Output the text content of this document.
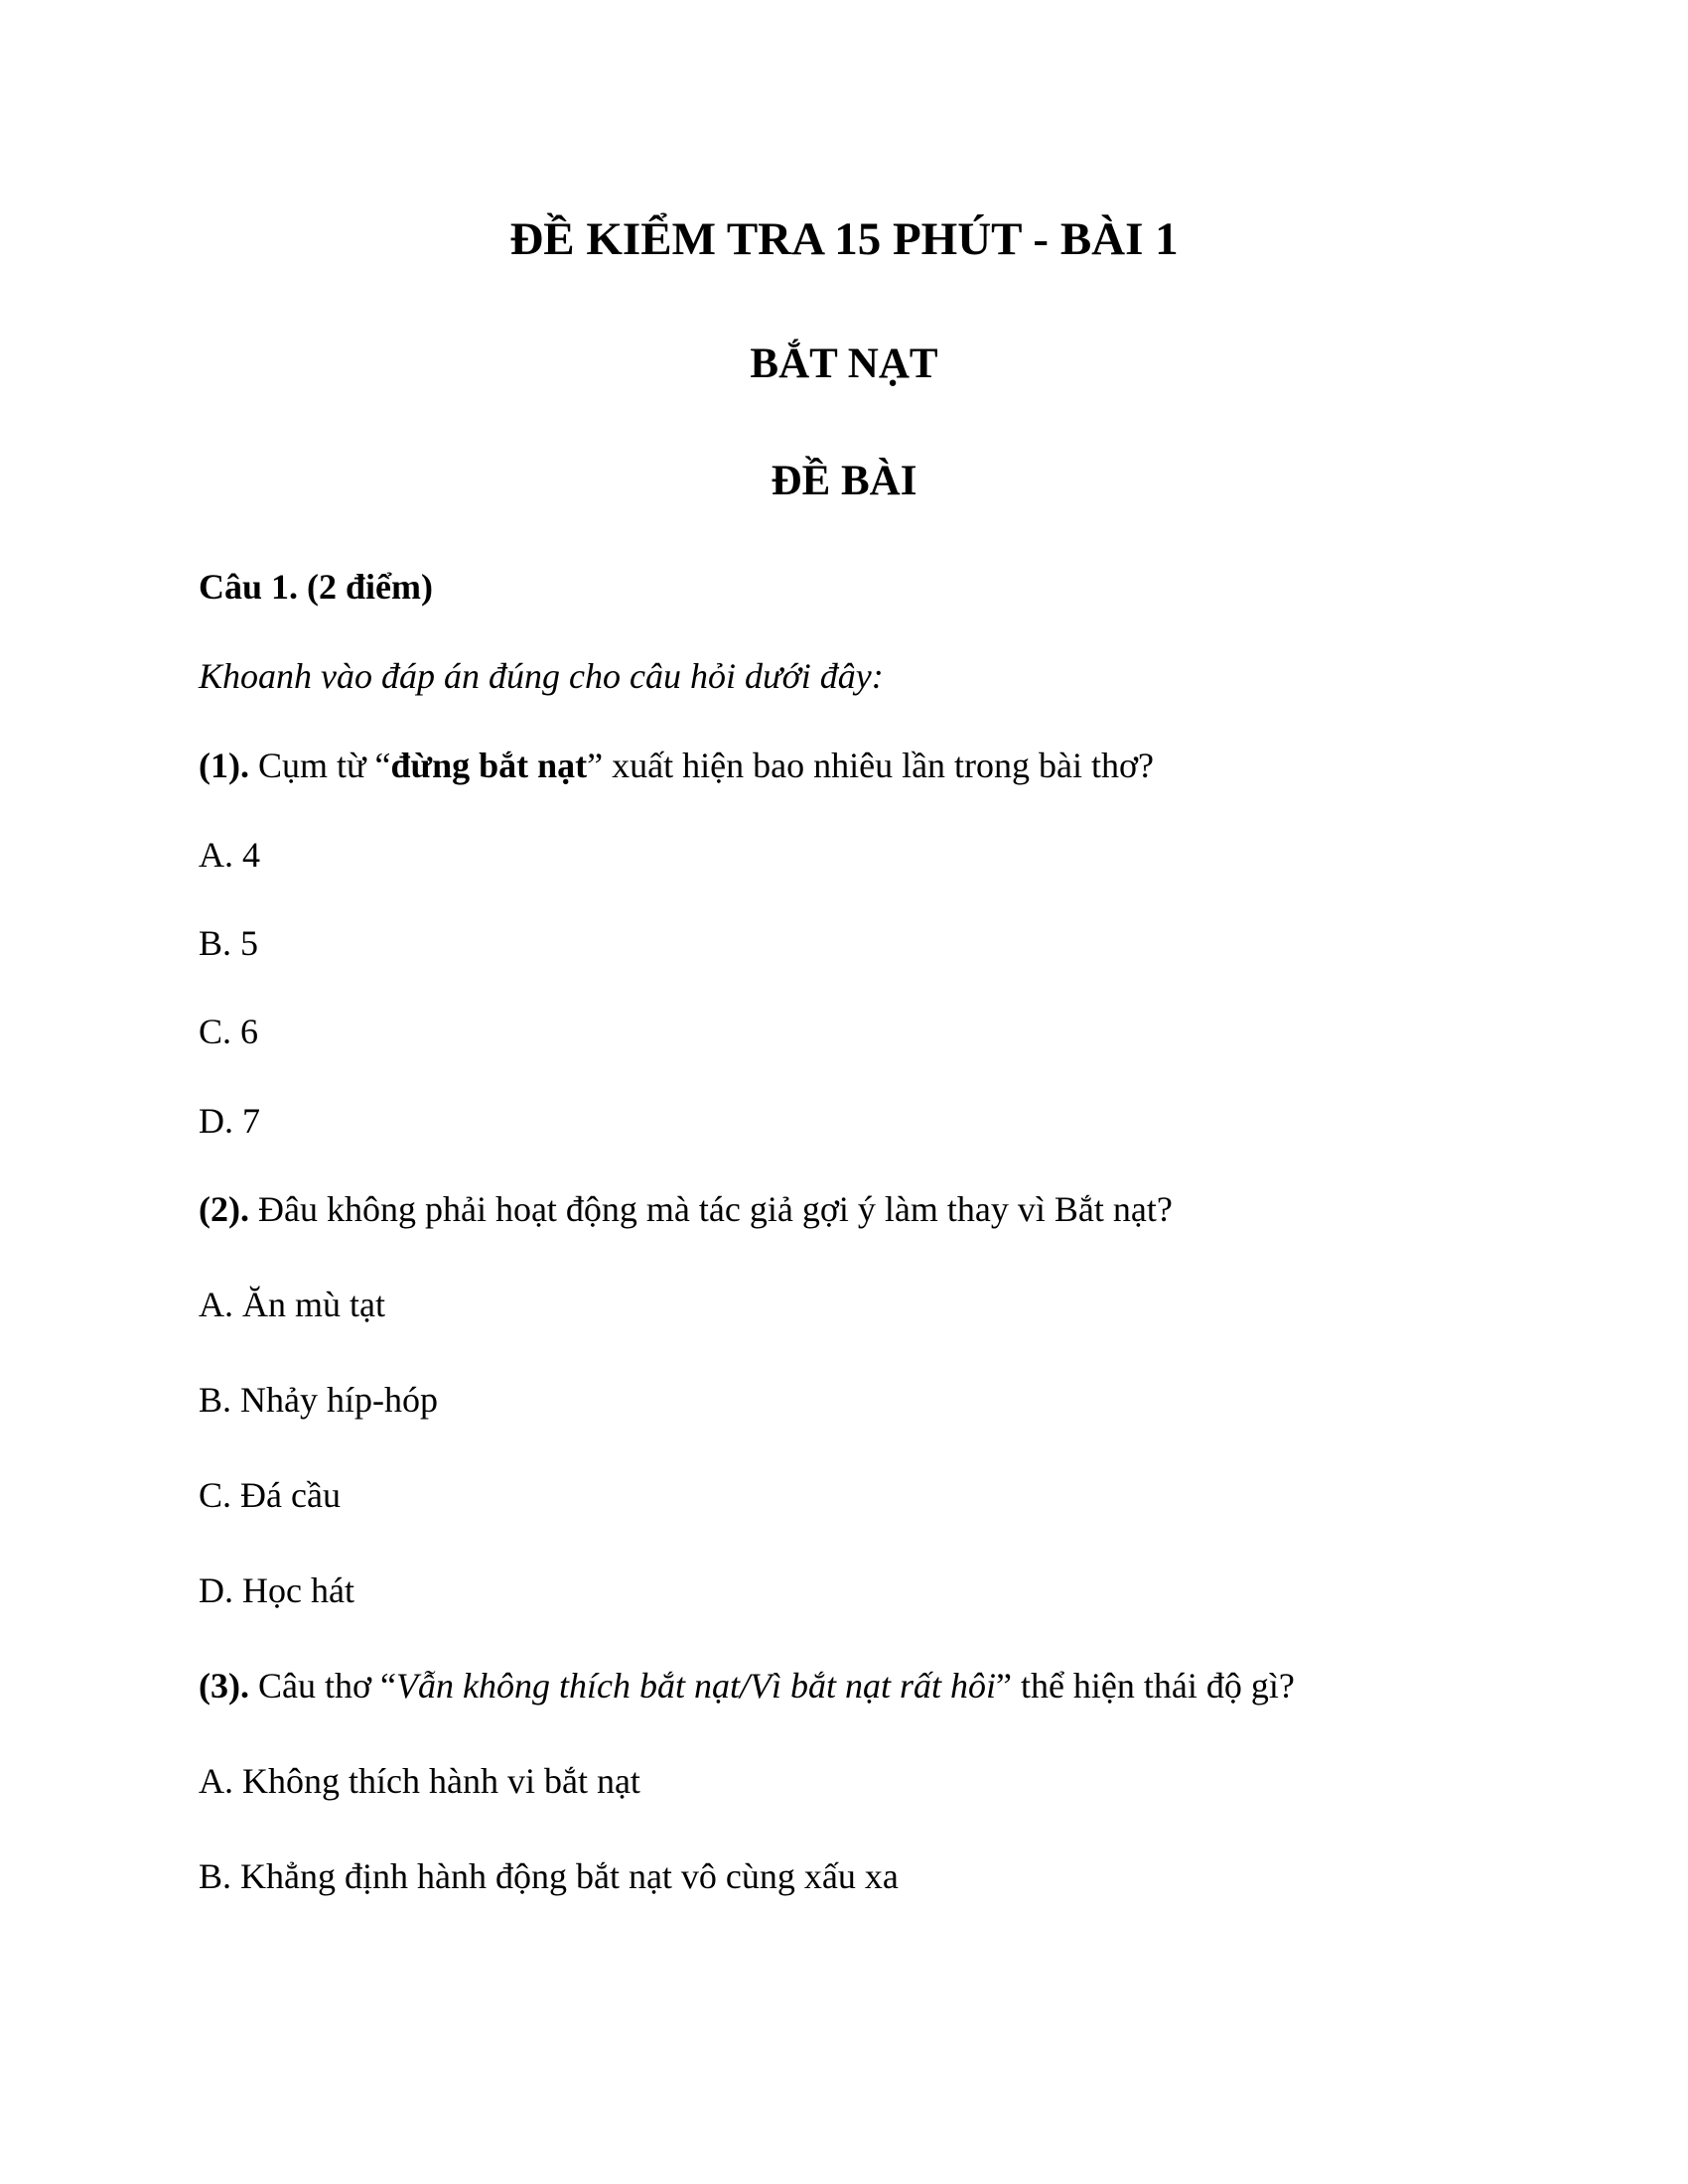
ĐỀ KIỂM TRA 15 PHÚT - BÀI 1
BẮT NẠT
ĐỀ BÀI
Câu 1. (2 điểm)
Khoanh vào đáp án đúng cho câu hỏi dưới đây:
(1). Cụm từ “đừng bắt nạt” xuất hiện bao nhiêu lần trong bài thơ?
A. 4
B. 5
C. 6
D. 7
(2). Đâu không phải hoạt động mà tác giả gợi ý làm thay vì Bắt nạt?
A. Ăn mù tạt
B. Nhảy híp-hóp
C. Đá cầu
D. Học hát
(3). Câu thơ “Vẫn không thích bắt nạt/Vì bắt nạt rất hôi” thể hiện thái độ gì?
A. Không thích hành vi bắt nạt
B. Khẳng định hành động bắt nạt vô cùng xấu xa
